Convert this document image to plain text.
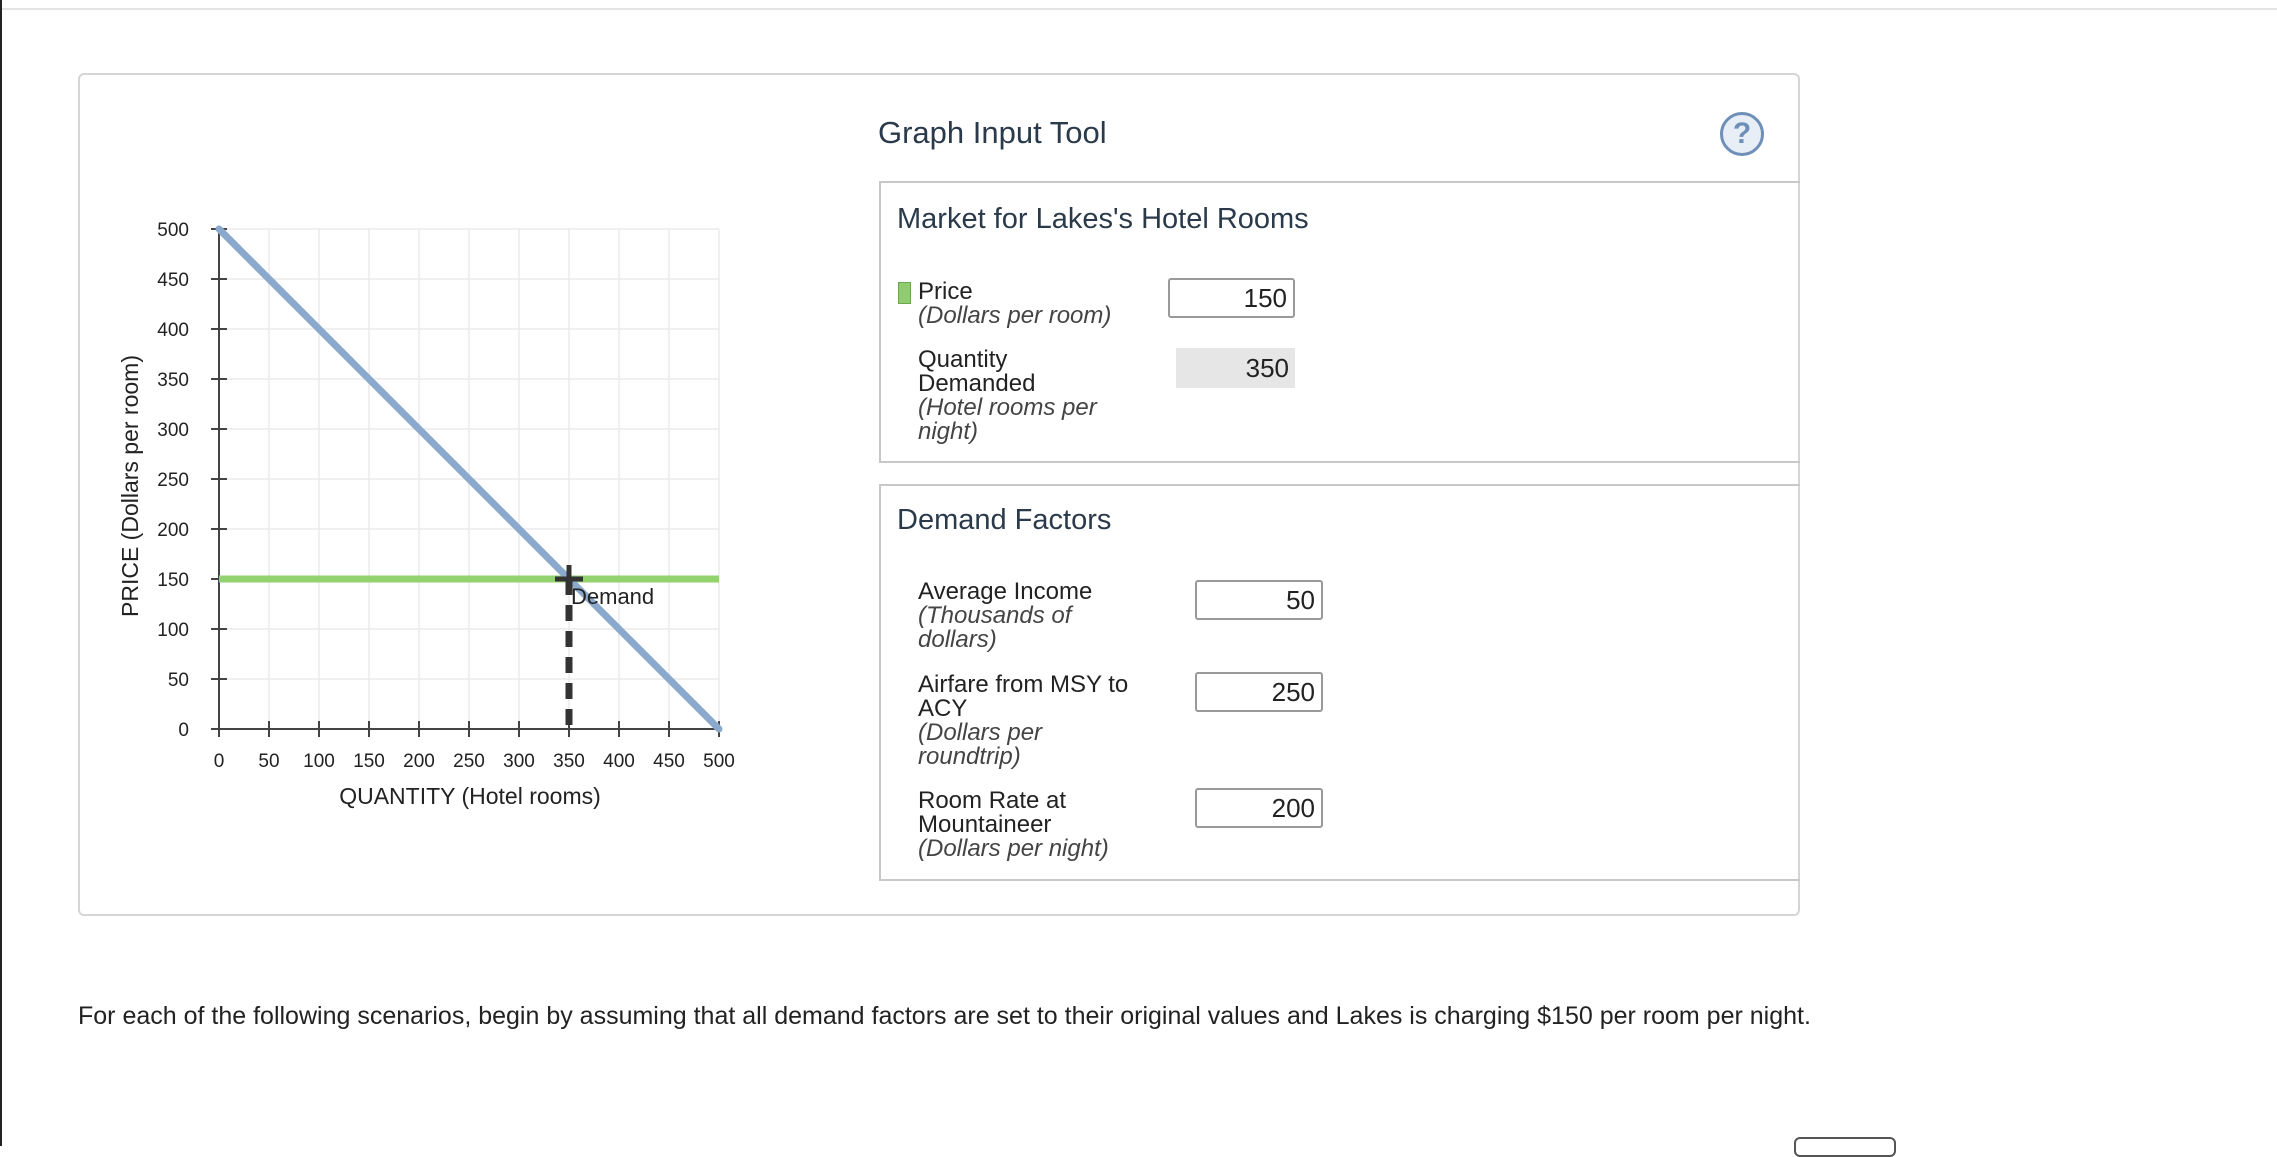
0
50
100
150
200
250
300
350
400
450
500
0 50 100 150 200 250 300 350 400 450 500
QUANTITY (Hotel rooms)
PRICE (Dollars per room)	Demand
Graph Input Tool	?
Market for Lakes's Hotel Rooms
Price
(Dollars per room)
150
Quantity
Demanded
(Hotel rooms per
night)
350
Demand Factors
Average Income
(Thousands of
dollars)
50
Airfare from MSY to
ACY
(Dollars per
roundtrip)
250
Room Rate at
Mountaineer
(Dollars per night)
200
For each of the following scenarios, begin by assuming that all demand factors are set to their original values and Lakes is charging $150 per room per night.
